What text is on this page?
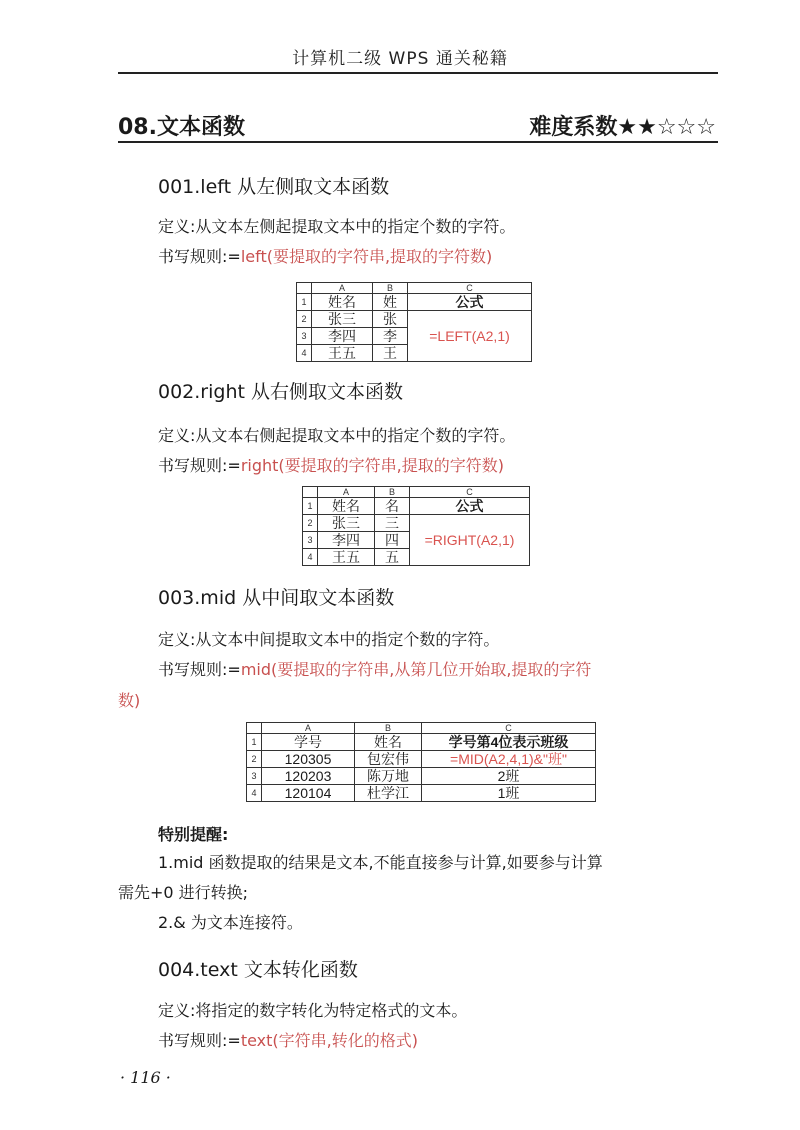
计算机二级 WPS 通关秘籍
08.文本函数	难度系数★★☆☆☆
001.left 从左侧取文本函数
定义:从文本左侧起提取文本中的指定个数的字符。
书写规则:=left(要提取的字符串,提取的字符数)
	A	B	C
1	姓名	姓	公式
2	张三	张	=LEFT(A2,1)
3	李四	李	
4	王五	王	
002.right 从右侧取文本函数
定义:从文本右侧起提取文本中的指定个数的字符。
书写规则:=right(要提取的字符串,提取的字符数)
	A	B	C
1	姓名	名	公式
2	张三	三	=RIGHT(A2,1)
3	李四	四	
4	王五	五	
003.mid 从中间取文本函数
定义:从文本中间提取文本中的指定个数的字符。
书写规则:=mid(要提取的字符串,从第几位开始取,提取的字符
数)
	A	B	C
1	学号	姓名	学号第4位表示班级
2	120305	包宏伟	=MID(A2,4,1)&"班"
3	120203	陈万地	2班
4	120104	杜学江	1班
特别提醒:
1.mid 函数提取的结果是文本,不能直接参与计算,如要参与计算
需先+0 进行转换;
2.& 为文本连接符。
004.text 文本转化函数
定义:将指定的数字转化为特定格式的文本。
书写规则:=text(字符串,转化的格式)
· 116 ·
